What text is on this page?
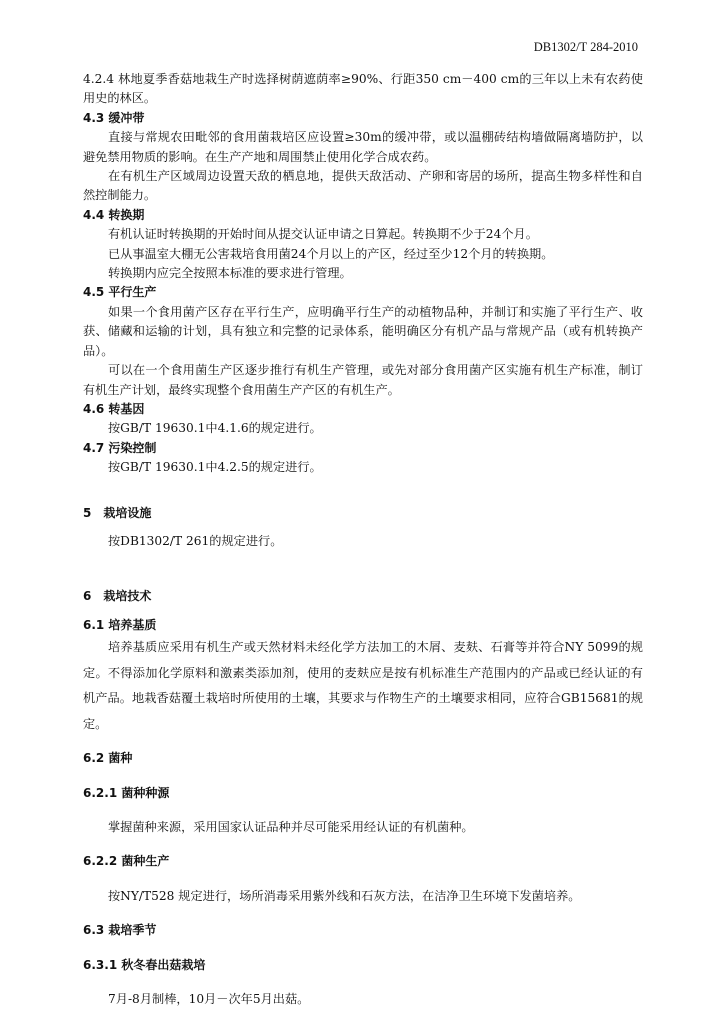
DB1302/T 284-2010

4.2.4 林地夏季香菇地栽生产时选择树荫遮荫率≥90%、行距350 cm－400 cm的三年以上未有农药使用史的林区。

4.3 缓冲带

直接与常规农田毗邻的食用菌栽培区应设置≥30m的缓冲带，或以温棚砖结构墙做隔离墙防护，以避免禁用物质的影响。在生产产地和周围禁止使用化学合成农药。

在有机生产区域周边设置天敌的栖息地，提供天敌活动、产卵和寄居的场所，提高生物多样性和自然控制能力。

4.4 转换期

有机认证时转换期的开始时间从提交认证申请之日算起。转换期不少于24个月。

已从事温室大棚无公害栽培食用菌24个月以上的产区，经过至少12个月的转换期。

转换期内应完全按照本标准的要求进行管理。

4.5 平行生产

如果一个食用菌产区存在平行生产，应明确平行生产的动植物品种，并制订和实施了平行生产、收获、储藏和运输的计划，具有独立和完整的记录体系，能明确区分有机产品与常规产品（或有机转换产品）。

可以在一个食用菌生产区逐步推行有机生产管理，或先对部分食用菌产区实施有机生产标准，制订有机生产计划，最终实现整个食用菌生产产区的有机生产。

4.6 转基因

按GB/T 19630.1中4.1.6的规定进行。

4.7 污染控制

按GB/T 19630.1中4.2.5的规定进行。

5　栽培设施

按DB1302/T 261的规定进行。

6　栽培技术

6.1 培养基质

培养基质应采用有机生产或天然材料未经化学方法加工的木屑、麦麸、石膏等并符合NY 5099的规定。不得添加化学原料和激素类添加剂，使用的麦麸应是按有机标准生产范围内的产品或已经认证的有机产品。地栽香菇覆土栽培时所使用的土壤，其要求与作物生产的土壤要求相同，应符合GB15681的规定。

6.2 菌种

6.2.1 菌种种源

掌握菌种来源，采用国家认证品种并尽可能采用经认证的有机菌种。

6.2.2 菌种生产

按NY/T528 规定进行，场所消毒采用紫外线和石灰方法，在洁净卫生环境下发菌培养。

6.3 栽培季节

6.3.1 秋冬春出菇栽培

7月-8月制棒，10月－次年5月出菇。
